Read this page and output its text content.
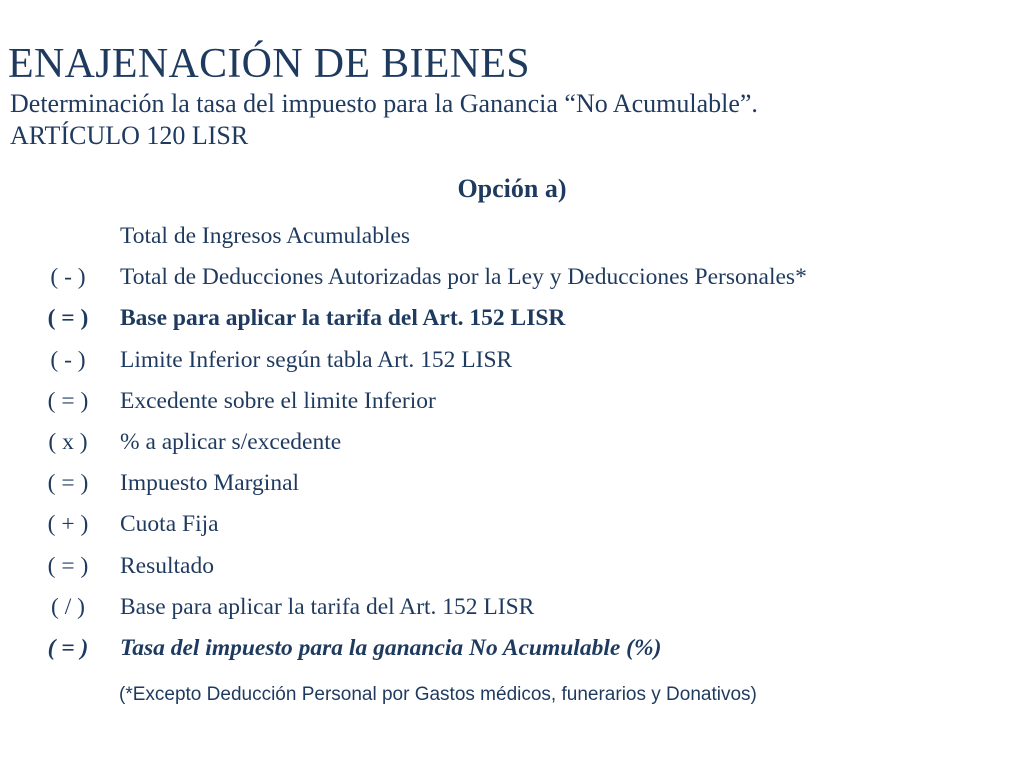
ENAJENACIÓN DE BIENES
Determinación la tasa del impuesto para la Ganancia “No Acumulable”.
ARTÍCULO 120 LISR
Opción a)
Total de Ingresos Acumulables
( - )	Total de Deducciones Autorizadas por la Ley y Deducciones Personales*
( = )	Base para aplicar la tarifa del Art. 152 LISR
( - )	Limite Inferior según tabla Art. 152 LISR
( = )	Excedente sobre el limite Inferior
( x )	% a aplicar s/excedente
( = )	Impuesto Marginal
( + )	Cuota Fija
( = )	Resultado
( / )	Base para aplicar la tarifa del Art. 152 LISR
( = )	Tasa del impuesto para la ganancia No Acumulable (%)
(*Excepto Deducción Personal por Gastos médicos, funerarios y Donativos)
